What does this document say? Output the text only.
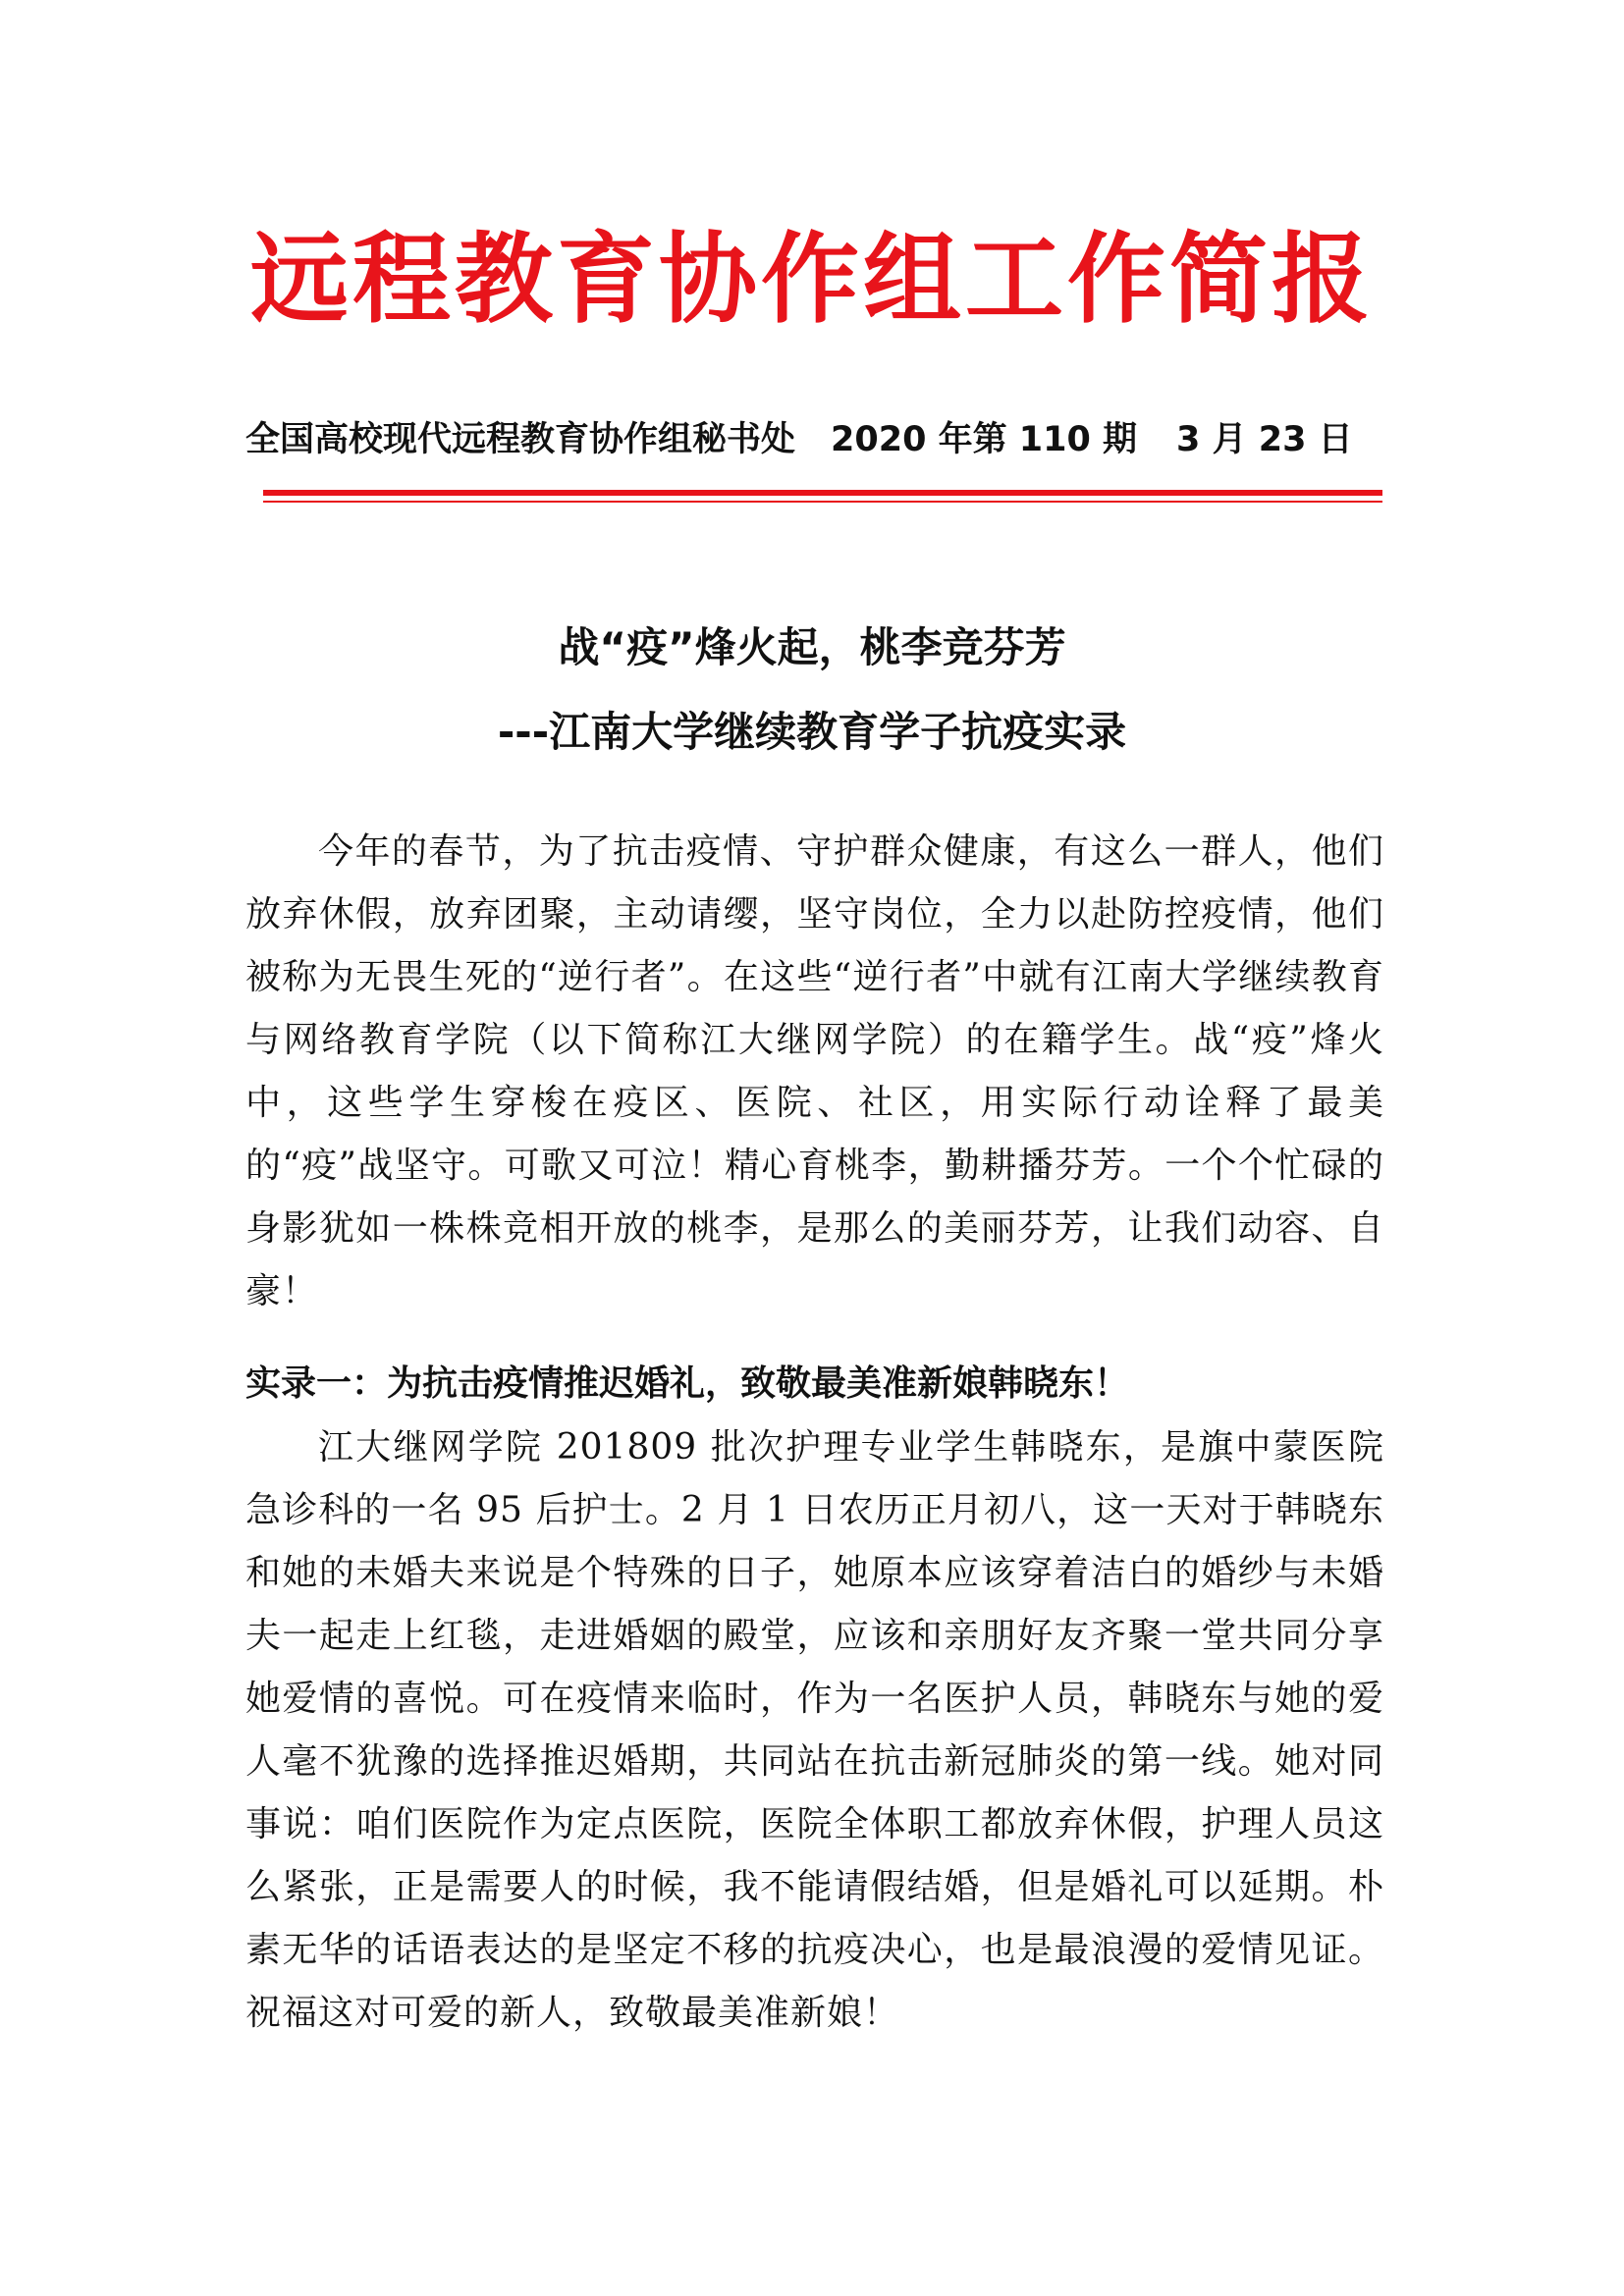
远程教育协作组工作简报
全国高校现代远程教育协作组秘书处 2020 年第 110 期 3 月 23 日
战“疫”烽火起，桃李竞芬芳
---江南大学继续教育学子抗疫实录
今年的春节，为了抗击疫情、守护群众健康，有这么一群人，他们放弃休假，放弃团聚，主动请缨，坚守岗位，全力以赴防控疫情，他们被称为无畏生死的“逆行者”。在这些“逆行者”中就有江南大学继续教育与网络教育学院（以下简称江大继网学院）的在籍学生。战“疫”烽火中，这些学生穿梭在疫区、医院、社区，用实际行动诠释了最美的“疫”战坚守。可歌又可泣！精心育桃李，勤耕播芬芳。一个个忙碌的身影犹如一株株竞相开放的桃李，是那么的美丽芬芳，让我们动容、自豪！
实录一：为抗击疫情推迟婚礼，致敬最美准新娘韩晓东！
江大继网学院 201809 批次护理专业学生韩晓东，是旗中蒙医院急诊科的一名 95 后护士。2 月 1 日农历正月初八，这一天对于韩晓东和她的未婚夫来说是个特殊的日子，她原本应该穿着洁白的婚纱与未婚夫一起走上红毯，走进婚姻的殿堂，应该和亲朋好友齐聚一堂共同分享她爱情的喜悦。可在疫情来临时，作为一名医护人员，韩晓东与她的爱人毫不犹豫的选择推迟婚期，共同站在抗击新冠肺炎的第一线。她对同事说：咱们医院作为定点医院，医院全体职工都放弃休假，护理人员这么紧张，正是需要人的时候，我不能请假结婚，但是婚礼可以延期。朴素无华的话语表达的是坚定不移的抗疫决心，也是最浪漫的爱情见证。祝福这对可爱的新人，致敬最美准新娘！
